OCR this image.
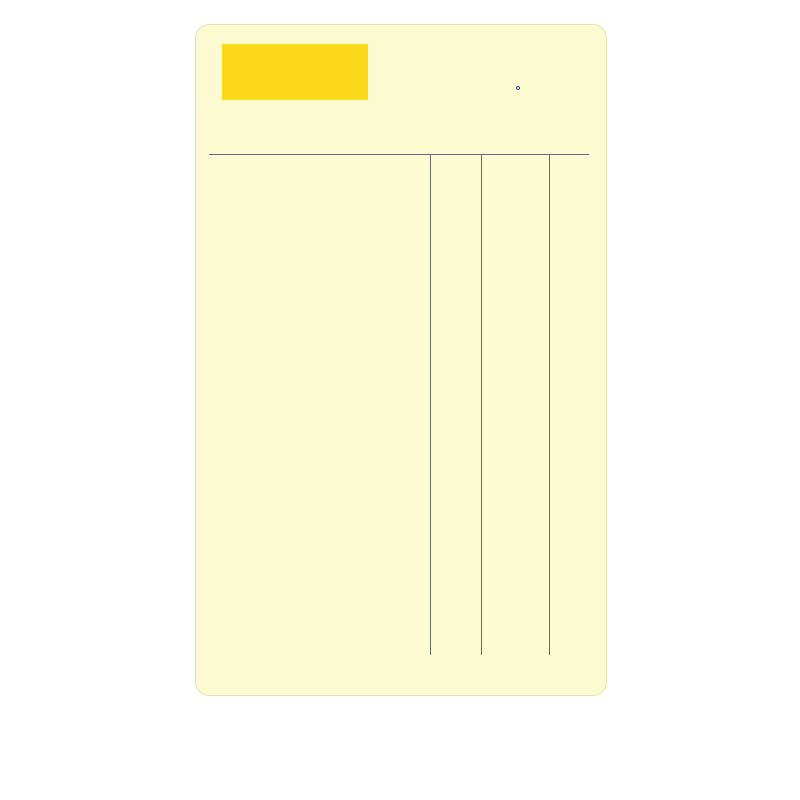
°
